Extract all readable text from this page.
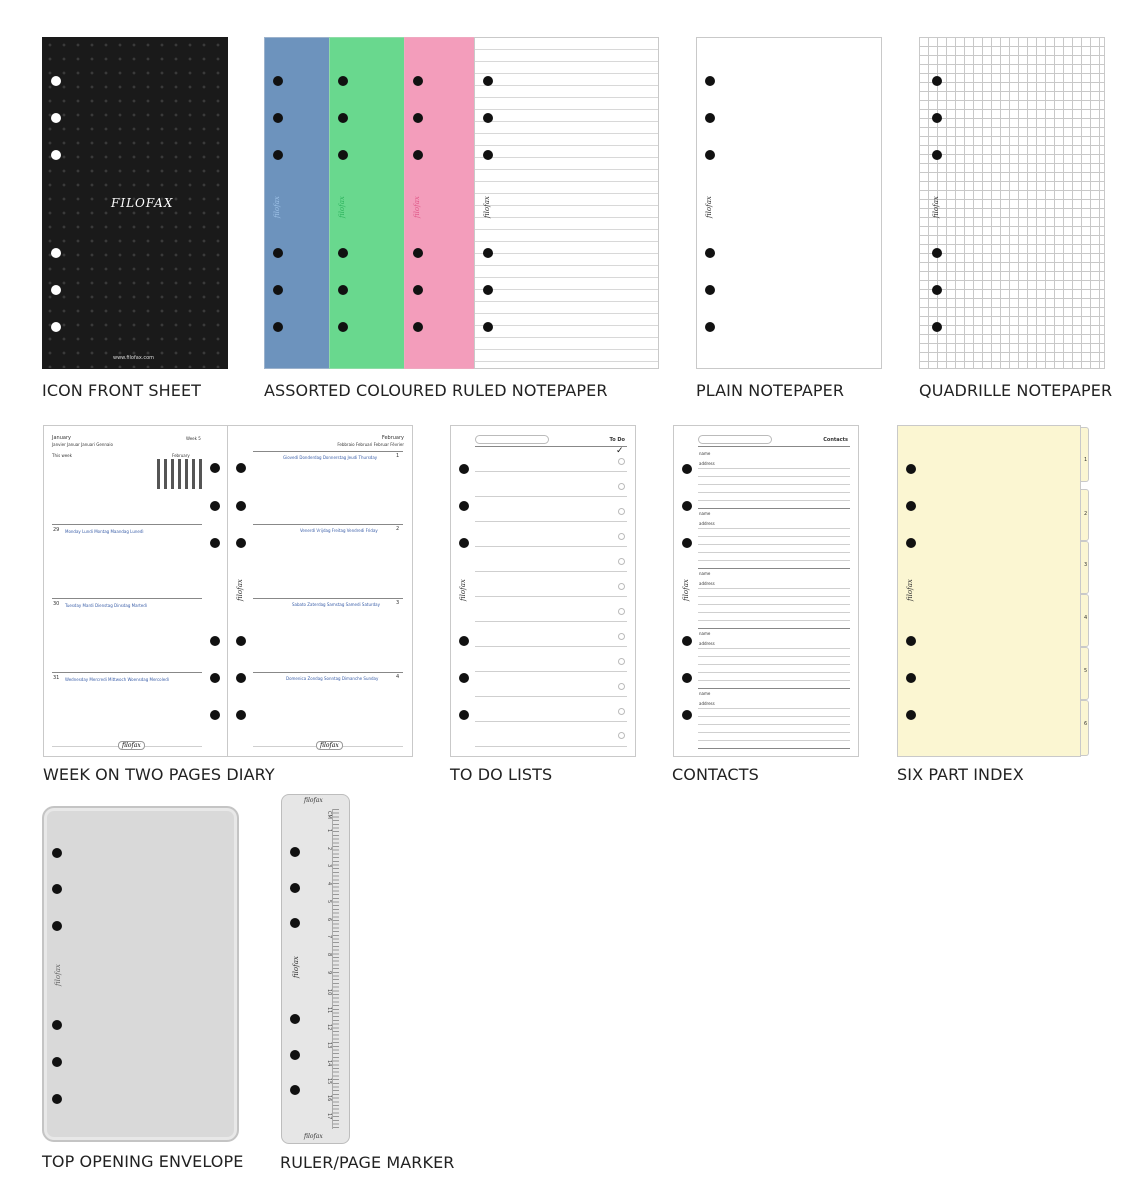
FILOFAX
www.filofax.com
ICON FRONT SHEET
filofax	filofax	filofax	filofax
ASSORTED COLOURED RULED NOTEPAPER
filofax
PLAIN NOTEPAPER
filofax
QUADRILLE NOTEPAPER
January
Janvier Januar Januari Gennaio
Week 5
This week	February
29 Monday Lundi Montag Maandag Lunedì
30 Tuesday Mardi Dienstag Dinsdag Martedì
31 Wednesday Mercredi Mittwoch Woensdag Mercoledì
filofax
filofax
February
Febbraio Februari Februar Février
Giovedì Donderdag Donnerstag Jeudi Thursday	1
Venerdì Vrijdag Freitag Vendredi Friday	2
Sabato Zaterdag Samstag Samedi Saturday	3
Domenica Zondag Sonntag Dimanche Sunday	4
filofax
WEEK ON TWO PAGES DIARY
To Do
✓
filofax
TO DO LISTS
Contacts
filofax
name
address
name
address
name
address
name
address
name
address
CONTACTS
filofax
1
2
3
4
5
6
SIX PART INDEX
filofax
TOP OPENING ENVELOPE
filofax
filofax
filofax
CM
1
2
3
4
5
6
7
8
9
10
11
12
13
14
15
16
17
RULER/PAGE MARKER
